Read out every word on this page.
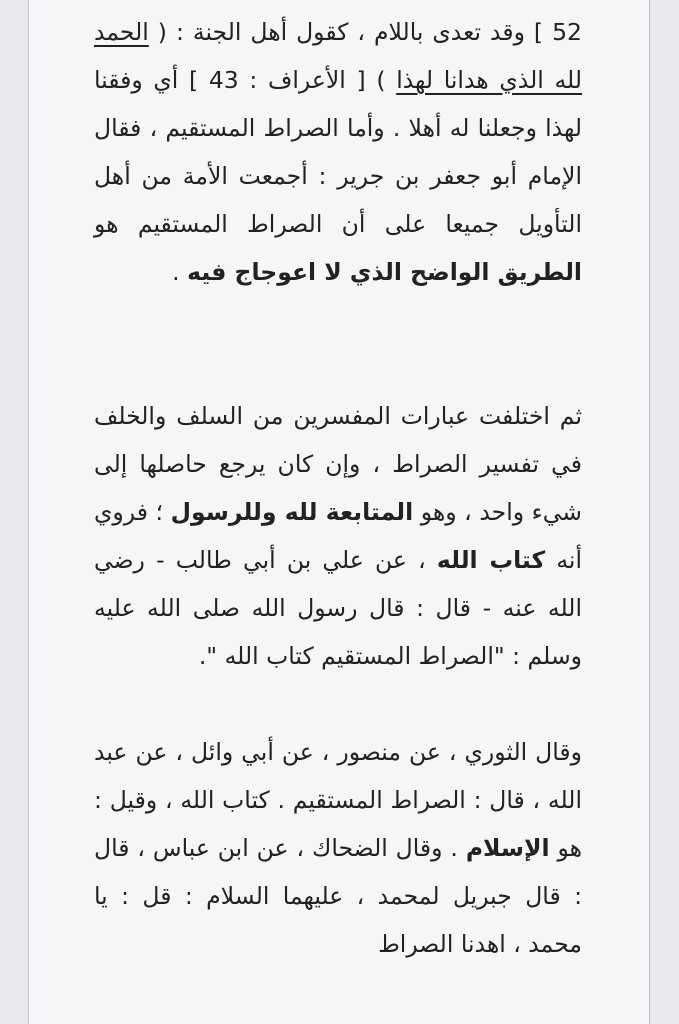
52 ] وقد تعدى باللام ، كقول أهل الجنة : ( الحمد لله الذي هدانا لهذا ) [ الأعراف : 43 ] أي وفقنا لهذا وجعلنا له أهلا . وأما الصراط المستقيم ، فقال الإمام أبو جعفر بن جرير : أجمعت الأمة من أهل التأويل جميعا على أن الصراط المستقيم هو الطريق الواضح الذي لا اعوجاج فيه .

ثم اختلفت عبارات المفسرين من السلف والخلف في تفسير الصراط ، وإن كان يرجع حاصلها إلى شيء واحد ، وهو المتابعة لله وللرسول ؛ فروي أنه كتاب الله ، عن علي بن أبي طالب - رضي الله عنه - قال : قال رسول الله صلى الله عليه وسلم : "الصراط المستقيم كتاب الله ".

وقال الثوري ، عن منصور ، عن أبي وائل ، عن عبد الله ، قال : الصراط المستقيم . كتاب الله ، وقيل : هو الإسلام . وقال الضحاك ، عن ابن عباس ، قال : قال جبريل لمحمد ، عليهما السلام : قل : يا محمد ، اهدنا الصراط
